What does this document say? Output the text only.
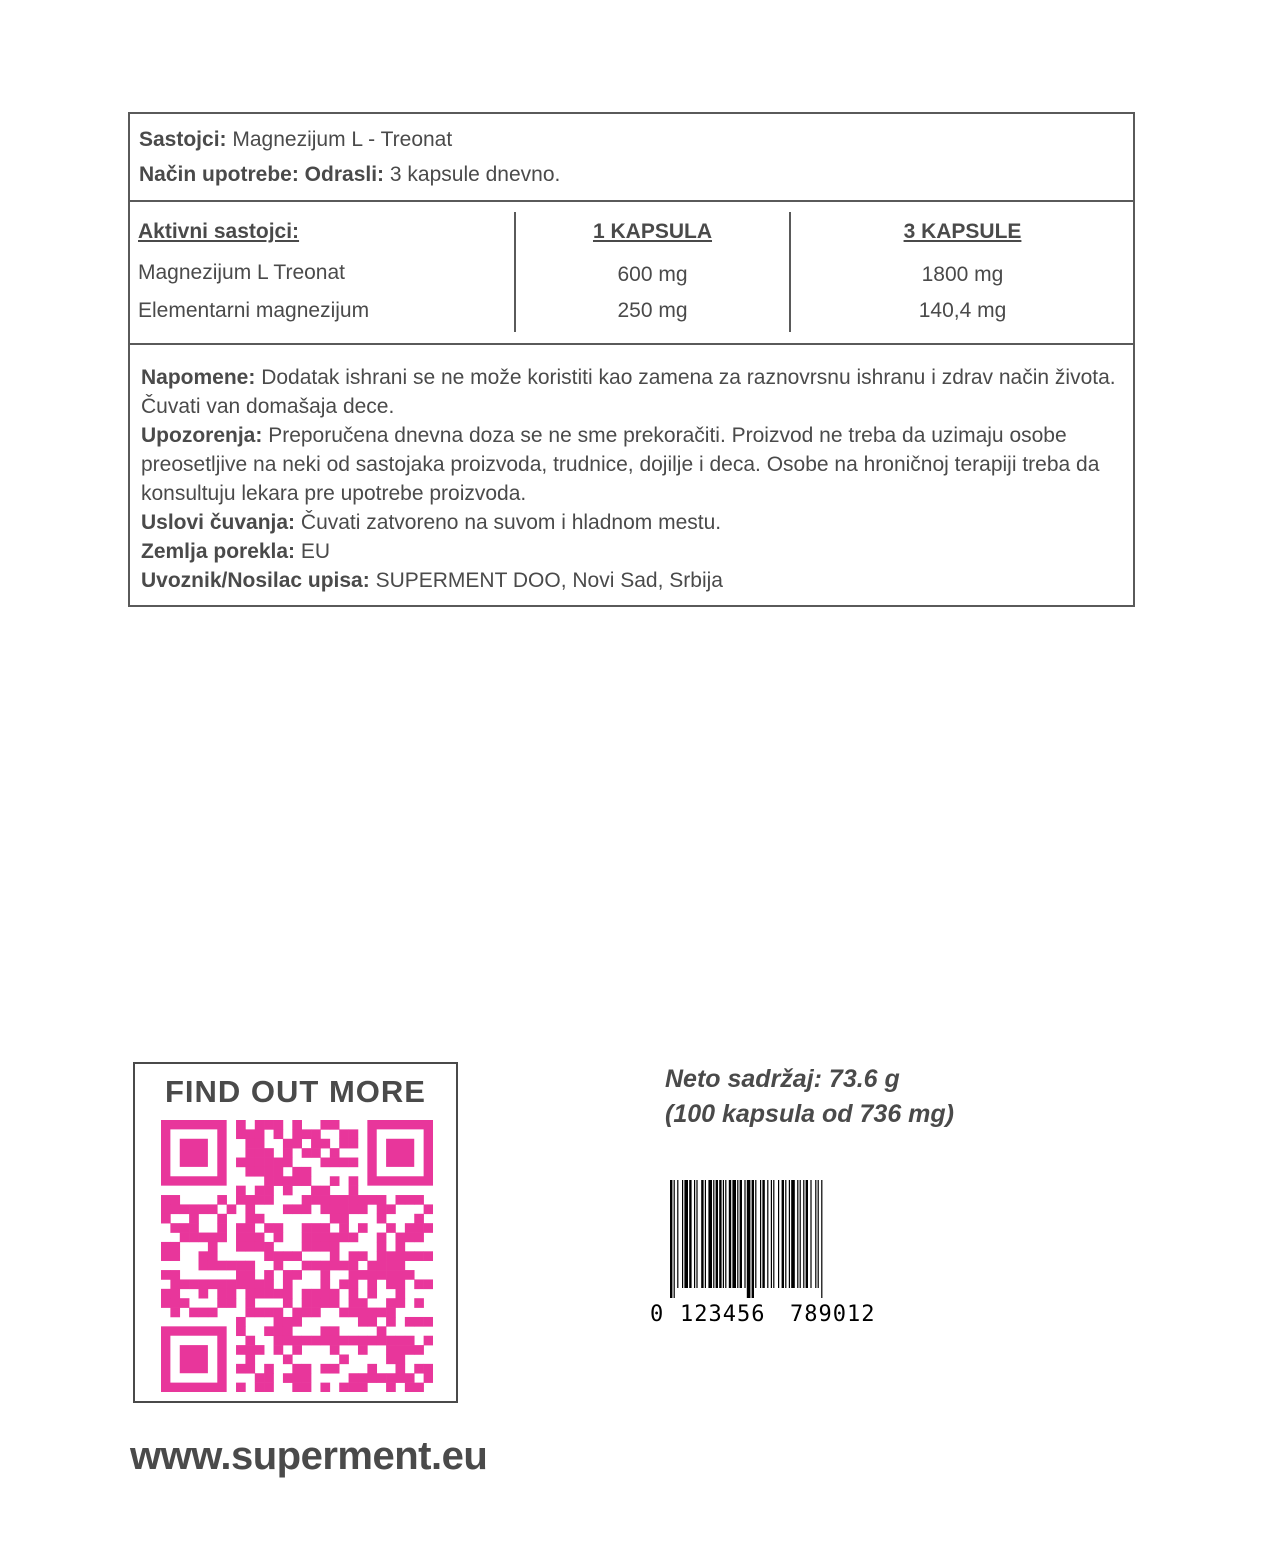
Sastojci: Magnezijum L - Treonat
Način upotrebe: Odrasli: 3 kapsule dnevno.
Aktivni sastojci:	1 KAPSULA	3 KAPSULE
Magnezijum L Treonat	600 mg	1800 mg
Elementarni magnezijum	250 mg	140,4 mg

Napomene: Dodatak ishrani se ne može koristiti kao zamena za raznovrsnu ishranu i zdrav način života. Čuvati van domašaja dece.

Upozorenja: Preporučena dnevna doza se ne sme prekoračiti. Proizvod ne treba da uzimaju osobe preosetljive na neki od sastojaka proizvoda, trudnice, dojilje i deca. Osobe na hroničnoj terapiji treba da konsultuju lekara pre upotrebe proizvoda.

Uslovi čuvanja: Čuvati zatvoreno na suvom i hladnom mestu.

Zemlja porekla: EU

Uvoznik/Nosilac upisa: SUPERMENT DOO, Novi Sad, Srbija

FIND OUT MORE
www.superment.eu
Neto sadržaj: 73.6 g
(100 kapsula od 736 mg)
0 123456 789012
